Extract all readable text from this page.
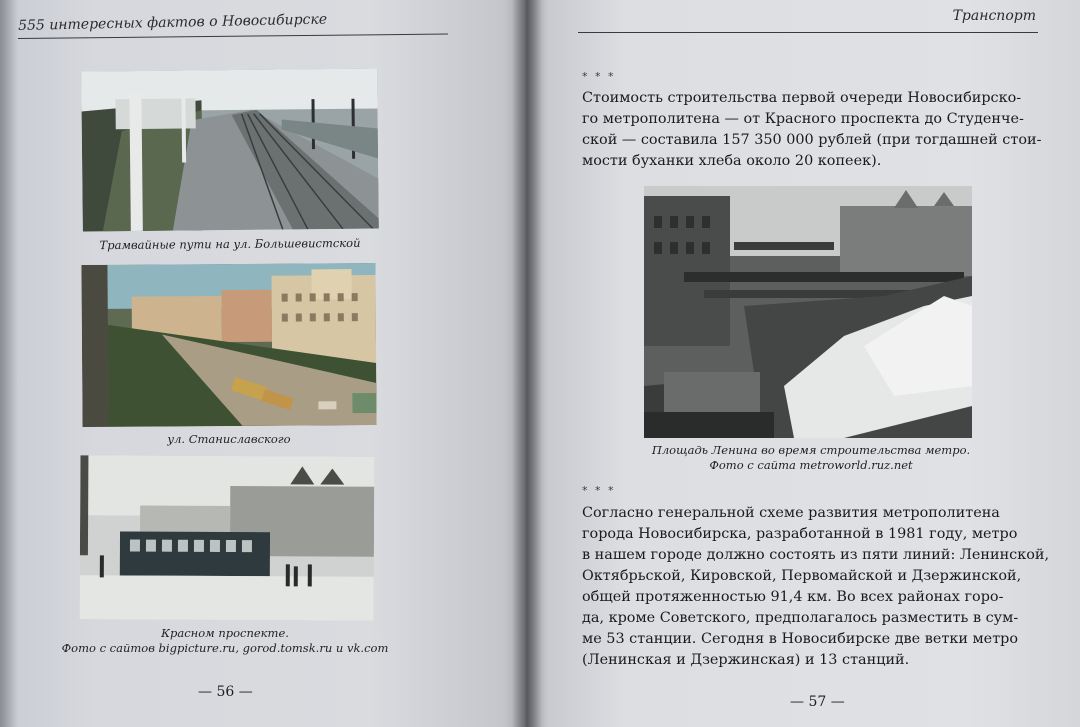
555 интересных фактов о Новосибирске
Трамвайные пути на ул. Большевистской
ул. Станиславского
Красном проспекте.
Фото с сайтов bigpicture.ru, gorod.tomsk.ru и vk.com
— 56 —
Транспорт
* * *
Стоимость строительства первой очереди Новосибирско-
го метрополитена — от Красного проспекта до Студенче-
ской — составила 157 350 000 рублей (при тогдашней стои-
мости буханки хлеба около 20 копеек).
Площадь Ленина во время строительства метро.
Фото с сайта metroworld.ruz.net
* * *
Согласно генеральной схеме развития метрополитена
города Новосибирска, разработанной в 1981 году, метро
в нашем городе должно состоять из пяти линий: Ленинской,
Октябрьской, Кировской, Первомайской и Дзержинской,
общей протяженностью 91,4 км. Во всех районах горо-
да, кроме Советского, предполагалось разместить в сум-
ме 53 станции. Сегодня в Новосибирске две ветки метро
(Ленинская и Дзержинская) и 13 станций.
— 57 —
